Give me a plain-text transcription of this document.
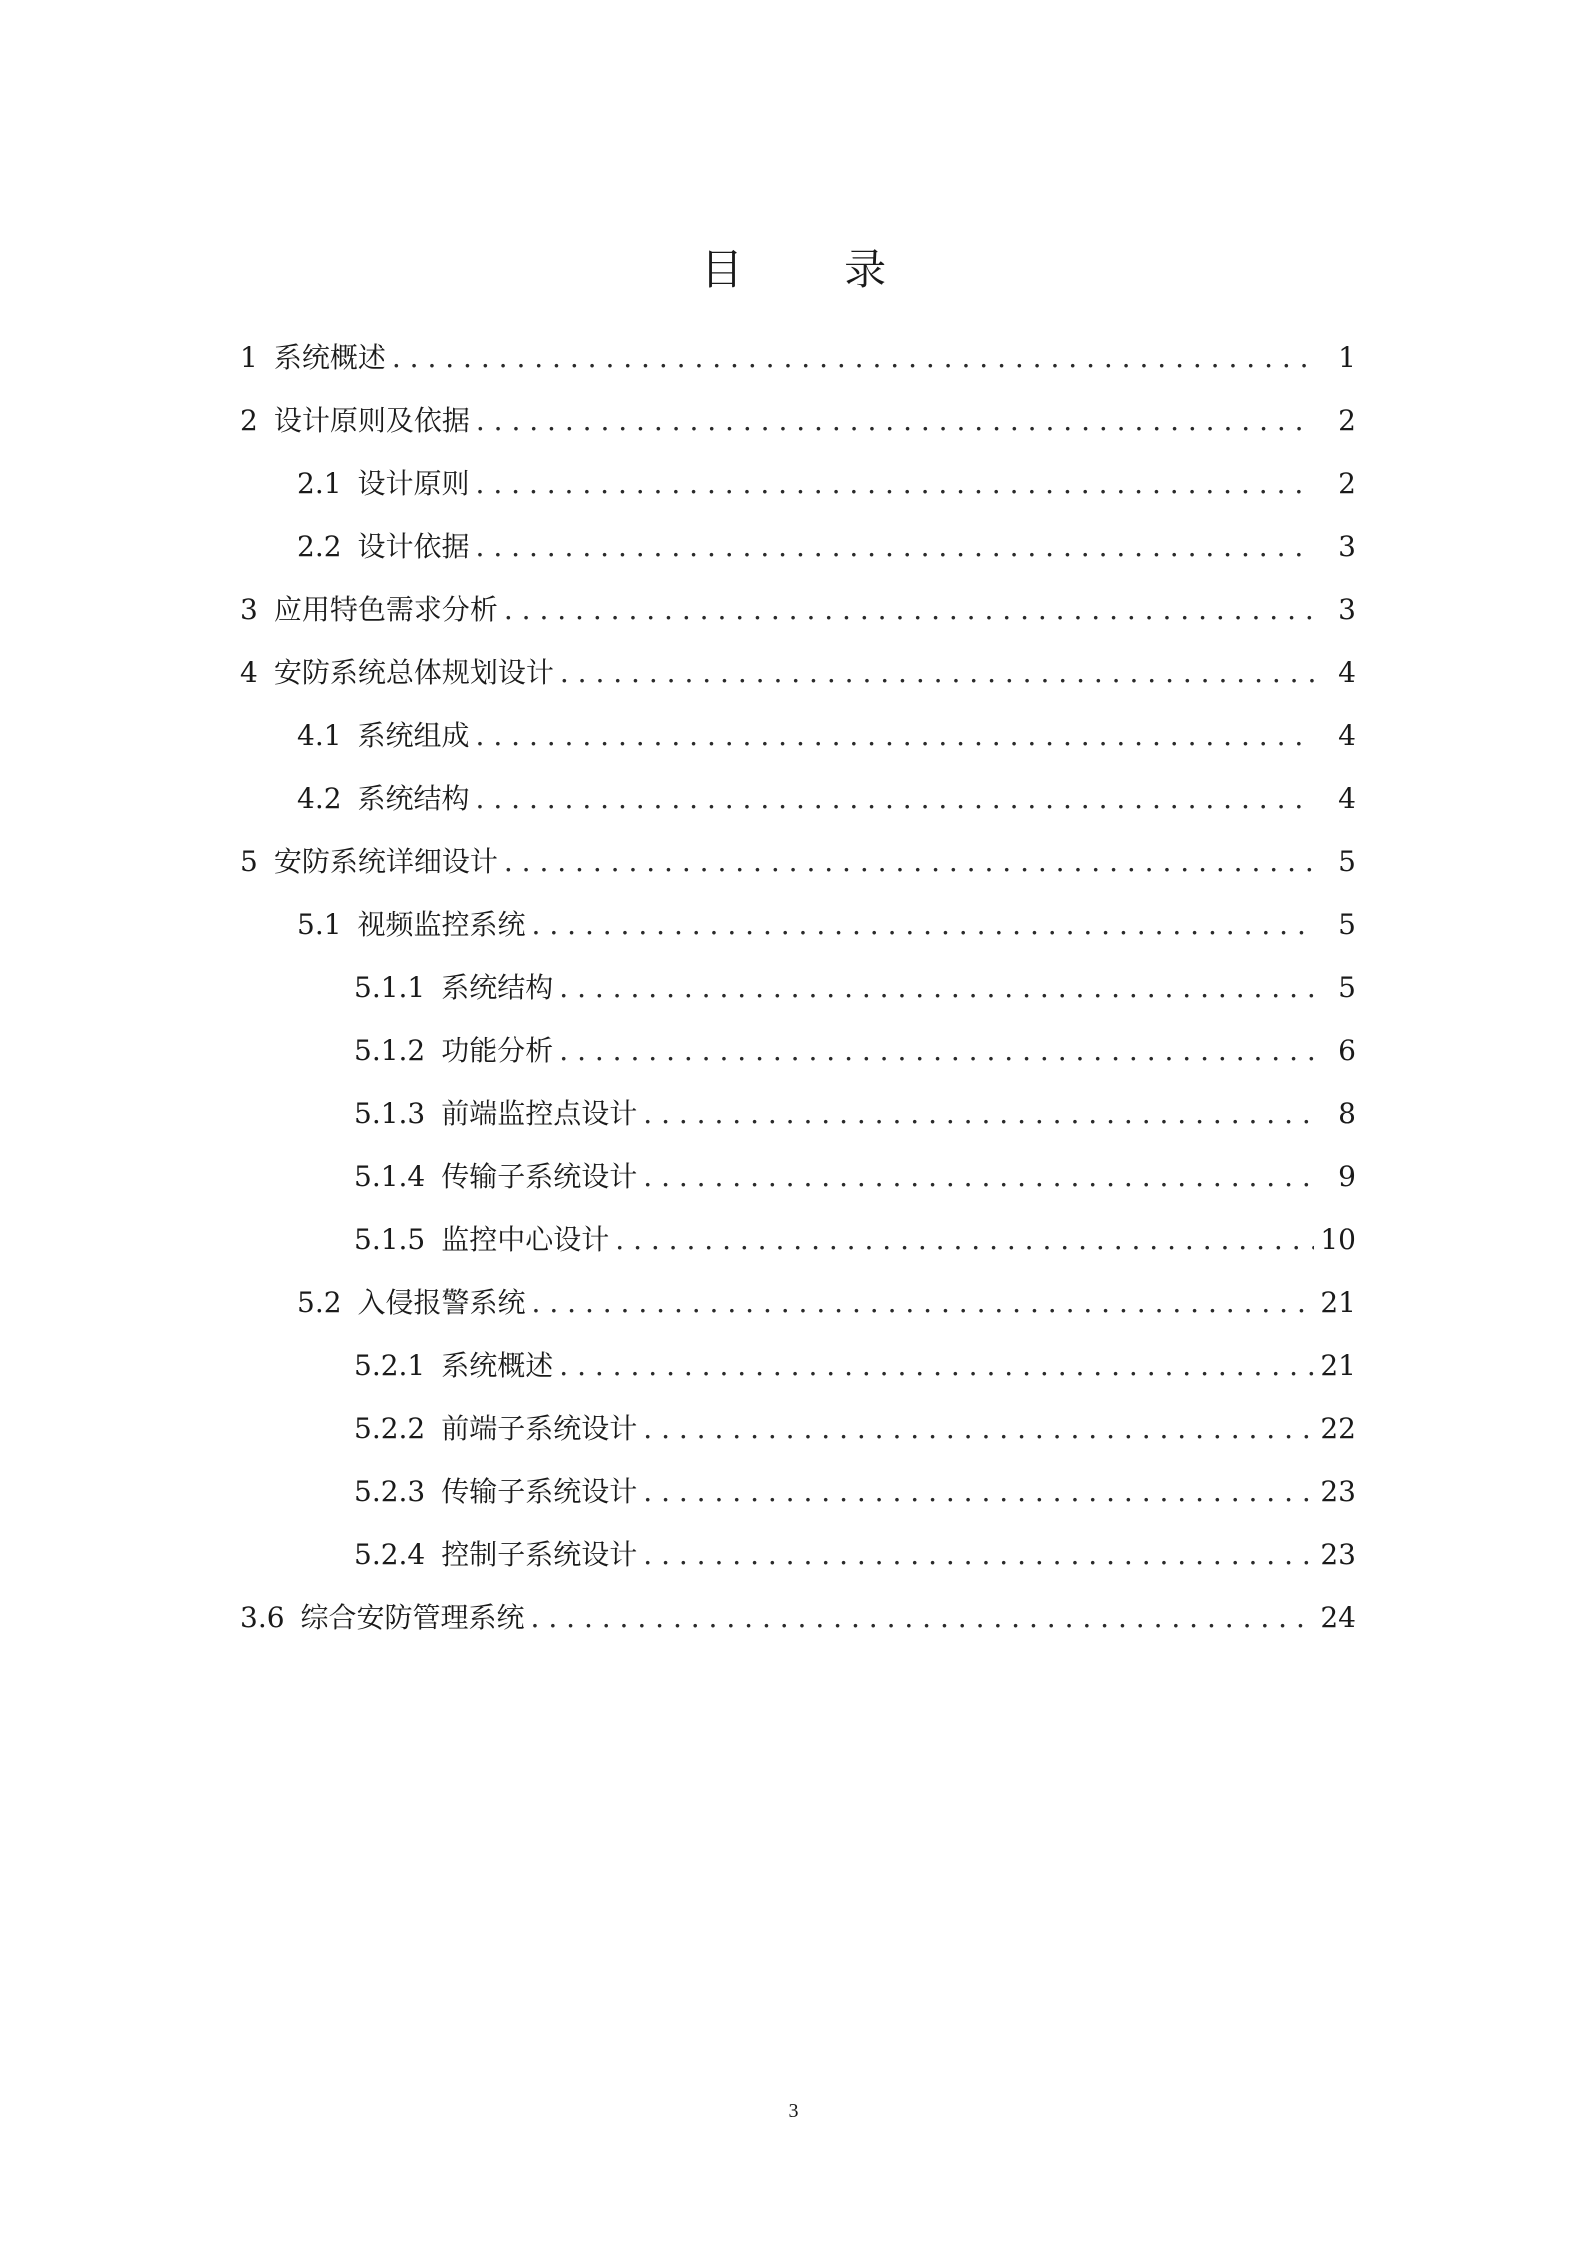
目 录
1 系统概述 . . .	1
2 设计原则及依据 . . .	2
2.1 设计原则 . . .	2
2.2 设计依据 . . .	3
3 应用特色需求分析 . . .	3
4 安防系统总体规划设计 . . .	4
4.1 系统组成 . . .	4
4.2 系统结构 . . .	4
5 安防系统详细设计 . . .	5
5.1 视频监控系统 . . .	5
5.1.1 系统结构 . . .	5
5.1.2 功能分析 . . .	6
5.1.3 前端监控点设计 . . .	8
5.1.4 传输子系统设计 . . .	9
5.1.5 监控中心设计 . . .	10
5.2 入侵报警系统 . . .	21
5.2.1 系统概述 . . .	21
5.2.2 前端子系统设计 . . .	22
5.2.3 传输子系统设计 . . .	23
5.2.4 控制子系统设计 . . .	23
3.6 综合安防管理系统 . . .	24
3
